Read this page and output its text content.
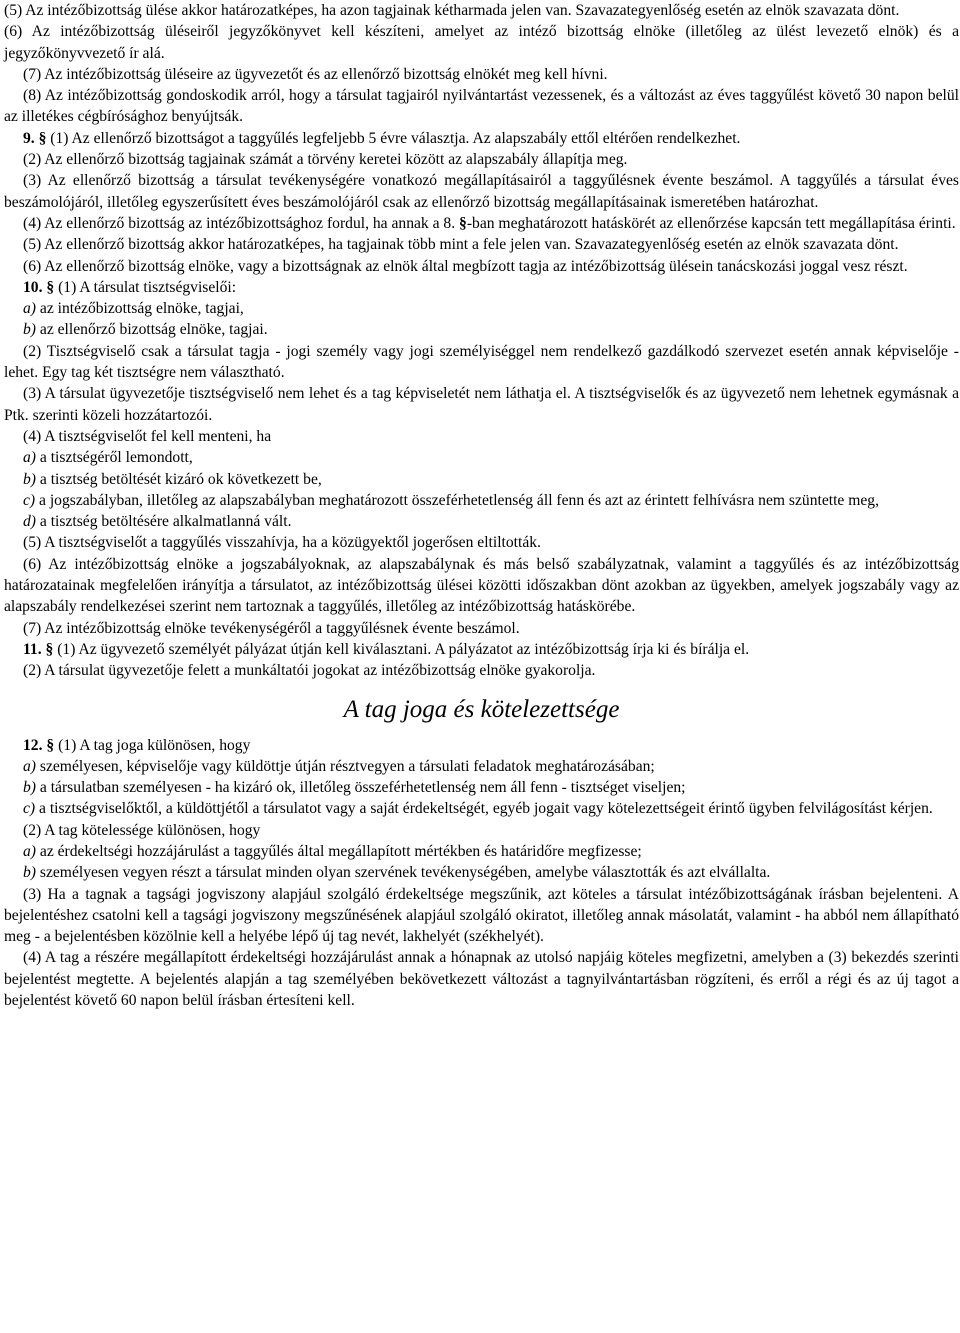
(5) Az intézőbizottság ülése akkor határozatképes, ha azon tagjainak kétharmada jelen van. Szavazategyenlőség esetén az elnök szavazata dönt.

(6) Az intézőbizottság üléseiről jegyzőkönyvet kell készíteni, amelyet az intéző bizottság elnöke (illetőleg az ülést levezető elnök) és a jegyzőkönyvvezető ír alá.

(7) Az intézőbizottság üléseire az ügyvezetőt és az ellenőrző bizottság elnökét meg kell hívni.

(8) Az intézőbizottság gondoskodik arról, hogy a társulat tagjairól nyilvántartást vezessenek, és a változást az éves taggyűlést követő 30 napon belül az illetékes cégbírósághoz benyújtsák.

9. § (1) Az ellenőrző bizottságot a taggyűlés legfeljebb 5 évre választja. Az alapszabály ettől eltérően rendelkezhet.

(2) Az ellenőrző bizottság tagjainak számát a törvény keretei között az alapszabály állapítja meg.

(3) Az ellenőrző bizottság a társulat tevékenységére vonatkozó megállapításairól a taggyűlésnek évente beszámol. A taggyűlés a társulat éves beszámolójáról, illetőleg egyszerűsített éves beszámolójáról csak az ellenőrző bizottság megállapításainak ismeretében határozhat.

(4) Az ellenőrző bizottság az intézőbizottsághoz fordul, ha annak a 8. §-ban meghatározott hatáskörét az ellenőrzése kapcsán tett megállapítása érinti.

(5) Az ellenőrző bizottság akkor határozatképes, ha tagjainak több mint a fele jelen van. Szavazategyenlőség esetén az elnök szavazata dönt.

(6) Az ellenőrző bizottság elnöke, vagy a bizottságnak az elnök által megbízott tagja az intézőbizottság ülésein tanácskozási joggal vesz részt.

10. § (1) A társulat tisztségviselői:

a) az intézőbizottság elnöke, tagjai,

b) az ellenőrző bizottság elnöke, tagjai.

(2) Tisztségviselő csak a társulat tagja - jogi személy vagy jogi személyiséggel nem rendelkező gazdálkodó szervezet esetén annak képviselője - lehet. Egy tag két tisztségre nem választható.

(3) A társulat ügyvezetője tisztségviselő nem lehet és a tag képviseletét nem láthatja el. A tisztségviselők és az ügyvezető nem lehetnek egymásnak a Ptk. szerinti közeli hozzátartozói.

(4) A tisztségviselőt fel kell menteni, ha

a) a tisztségéről lemondott,

b) a tisztség betöltését kizáró ok következett be,

c) a jogszabályban, illetőleg az alapszabályban meghatározott összeférhetetlenség áll fenn és azt az érintett felhívásra nem szüntette meg,

d) a tisztség betöltésére alkalmatlanná vált.

(5) A tisztségviselőt a taggyűlés visszahívja, ha a közügyektől jogerősen eltiltották.

(6) Az intézőbizottság elnöke a jogszabályoknak, az alapszabálynak és más belső szabályzatnak, valamint a taggyűlés és az intézőbizottság határozatainak megfelelően irányítja a társulatot, az intézőbizottság ülései közötti időszakban dönt azokban az ügyekben, amelyek jogszabály vagy az alapszabály rendelkezései szerint nem tartoznak a taggyűlés, illetőleg az intézőbizottság hatáskörébe.

(7) Az intézőbizottság elnöke tevékenységéről a taggyűlésnek évente beszámol.

11. § (1) Az ügyvezető személyét pályázat útján kell kiválasztani. A pályázatot az intézőbizottság írja ki és bírálja el.

(2) A társulat ügyvezetője felett a munkáltatói jogokat az intézőbizottság elnöke gyakorolja.

A tag joga és kötelezettsége

12. § (1) A tag joga különösen, hogy

a) személyesen, képviselője vagy küldöttje útján résztvegyen a társulati feladatok meghatározásában;

b) a társulatban személyesen - ha kizáró ok, illetőleg összeférhetetlenség nem áll fenn - tisztséget viseljen;

c) a tisztségviselőktől, a küldöttjétől a társulatot vagy a saját érdekeltségét, egyéb jogait vagy kötelezettségeit érintő ügyben felvilágosítást kérjen.

(2) A tag kötelessége különösen, hogy

a) az érdekeltségi hozzájárulást a taggyűlés által megállapított mértékben és határidőre megfizesse;

b) személyesen vegyen részt a társulat minden olyan szervének tevékenységében, amelybe választották és azt elvállalta.

(3) Ha a tagnak a tagsági jogviszony alapjául szolgáló érdekeltsége megszűnik, azt köteles a társulat intézőbizottságának írásban bejelenteni. A bejelentéshez csatolni kell a tagsági jogviszony megszűnésének alapjául szolgáló okiratot, illetőleg annak másolatát, valamint - ha abból nem állapítható meg - a bejelentésben közölnie kell a helyébe lépő új tag nevét, lakhelyét (székhelyét).

(4) A tag a részére megállapított érdekeltségi hozzájárulást annak a hónapnak az utolsó napjáig köteles megfizetni, amelyben a (3) bekezdés szerinti bejelentést megtette. A bejelentés alapján a tag személyében bekövetkezett változást a tagnyilvántartásban rögzíteni, és erről a régi és az új tagot a bejelentést követő 60 napon belül írásban értesíteni kell.
